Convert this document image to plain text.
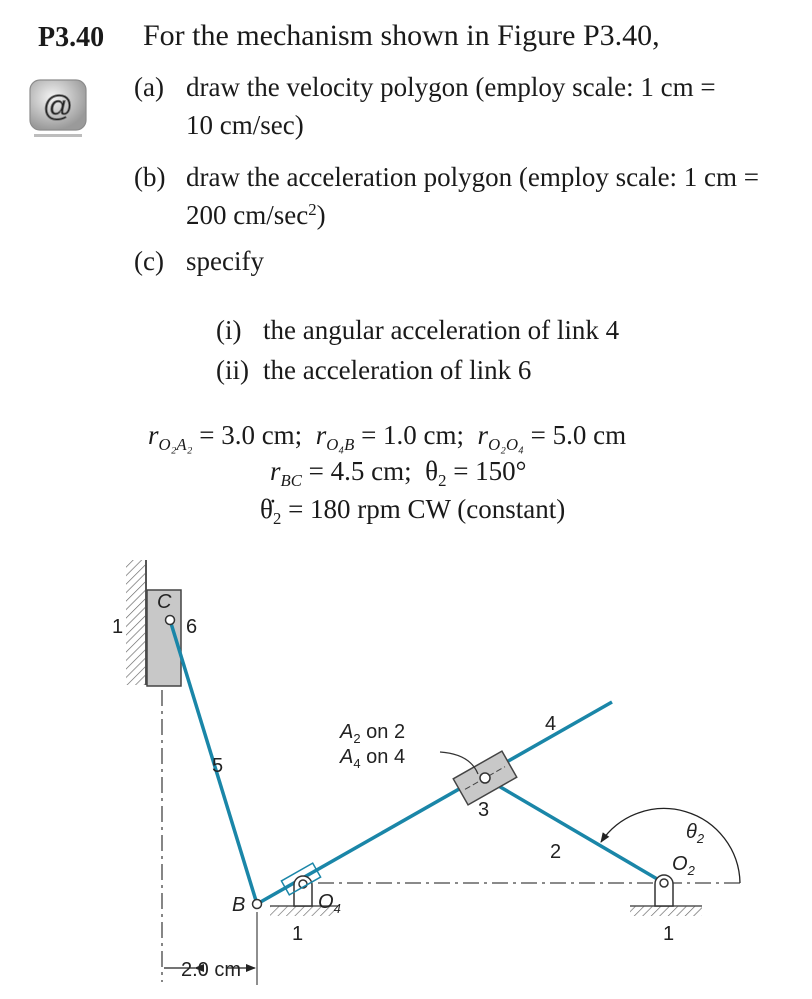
P3.40 For the mechanism shown in Figure P3.40,
@
(a) draw the velocity polygon (employ scale: 1 cm =
10 cm/sec)
(b) draw the acceleration polygon (employ scale: 1 cm =
200 $cm/\sec^2$)
(c) specify
(i) the angular acceleration of link 4
(ii) the acceleration of link 6
$r_{O_2A_2} = 3.0$ cm; $r_{O_4B} = 1.0$ cm; $r_{O_2O_4} = 5.0$ cm
$r_{BC} = 4.5$ cm; $\theta_2 = 150^\circ$
$\thetȧ_2 = 180$ rpm CW (constant)
1
C
6
$O_4$
1
B
$A_2$ on 2
$A_4$ on 4
$O_2$
1
$\theta_2$
5
4
3
2
2.0 cm
